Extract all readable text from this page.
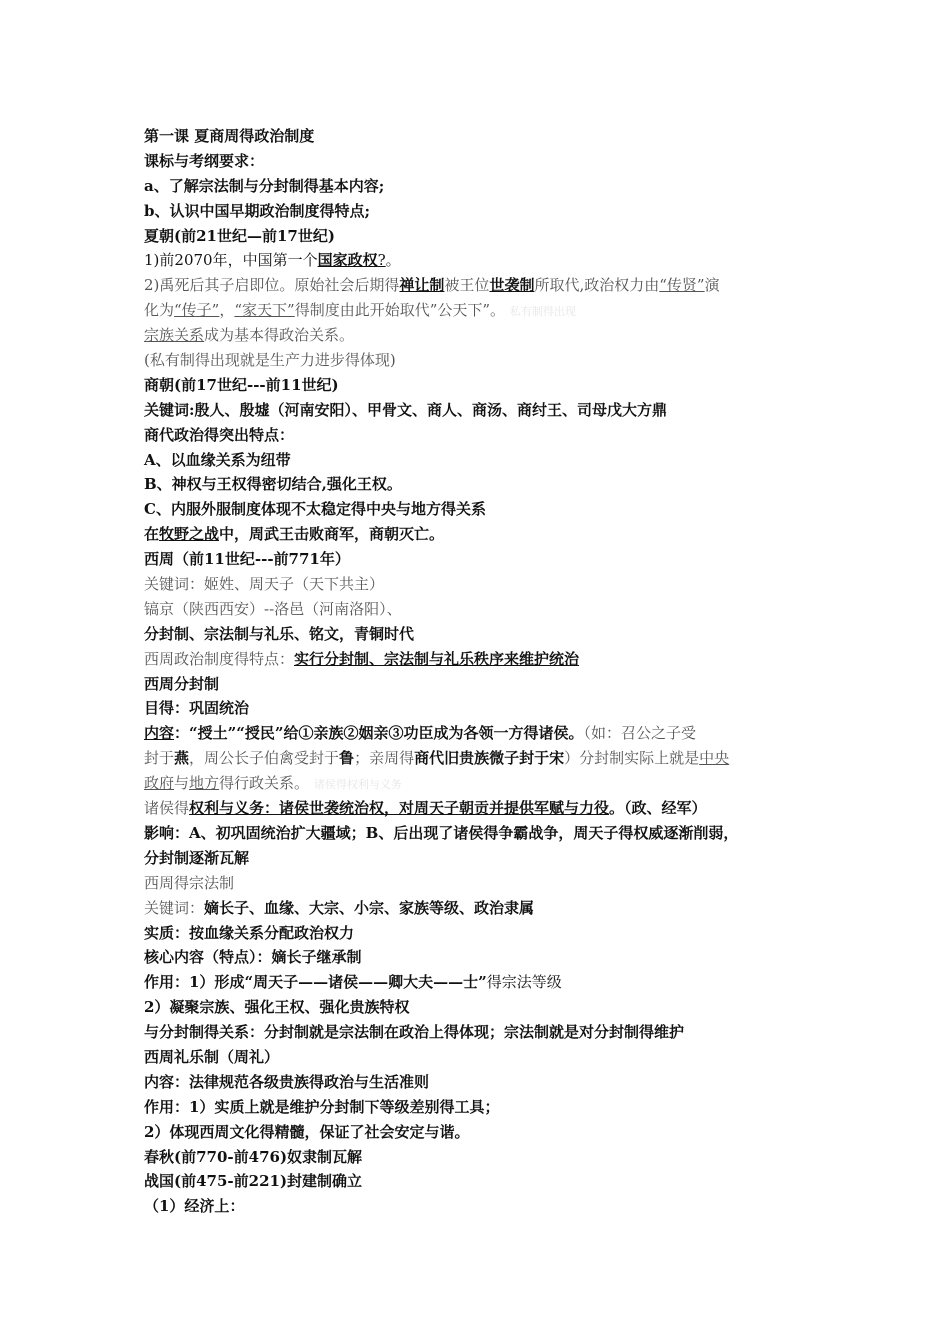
第一课 夏商周得政治制度
课标与考纲要求：
a、了解宗法制与分封制得基本内容;
b、认识中国早期政治制度得特点;
夏朝(前21世纪—前17世纪)
1)前2070年，中国第一个国家政权?。
2)禹死后其子启即位。原始社会后期得禅让制被王位世袭制所取代,政治权力由“传贤”演
化为“传子”，“家天下”得制度由此开始取代”公天下”。 私有制得出现
宗族关系成为基本得政治关系。
(私有制得出现就是生产力进步得体现)
商朝(前17世纪---前11世纪)
关键词:殷人、殷墟（河南安阳）、甲骨文、商人、商汤、商纣王、司母戊大方鼎
商代政治得突出特点：
A、以血缘关系为纽带
B、神权与王权得密切结合,强化王权。
C、内服外服制度体现不太稳定得中央与地方得关系
在牧野之战中，周武王击败商军，商朝灭亡。
西周（前11世纪---前771年）
关键词：姬姓、周天子（天下共主）
镐京（陕西西安）--洛邑（河南洛阳）、
分封制、宗法制与礼乐、铭文，青铜时代
西周政治制度得特点：实行分封制、宗法制与礼乐秩序来维护统治
西周分封制
目得：巩固统治
内容：“授土”“授民”给①亲族②姻亲③功臣成为各领一方得诸侯。（如：召公之子受
封于燕，周公长子伯禽受封于鲁；亲周得商代旧贵族微子封于宋）分封制实际上就是中央
政府与地方得行政关系。 诸侯得权利与义务
诸侯得权利与义务：诸侯世袭统治权，对周天子朝贡并提供军赋与力役。（政、经军）
影响：A、初巩固统治扩大疆域；B、后出现了诸侯得争霸战争，周天子得权威逐渐削弱，
分封制逐渐瓦解
西周得宗法制
关键词：嫡长子、血缘、大宗、小宗、家族等级、政治隶属
实质：按血缘关系分配政治权力
核心内容（特点）：嫡长子继承制
作用：1）形成“周天子——诸侯——卿大夫——士”得宗法等级
2）凝聚宗族、强化王权、强化贵族特权
与分封制得关系：分封制就是宗法制在政治上得体现；宗法制就是对分封制得维护
西周礼乐制（周礼）
内容：法律规范各级贵族得政治与生活准则
作用：1）实质上就是维护分封制下等级差别得工具；
2）体现西周文化得精髓，保证了社会安定与谐。
春秋(前770-前476)奴隶制瓦解
战国(前475-前221)封建制确立
（1）经济上：
